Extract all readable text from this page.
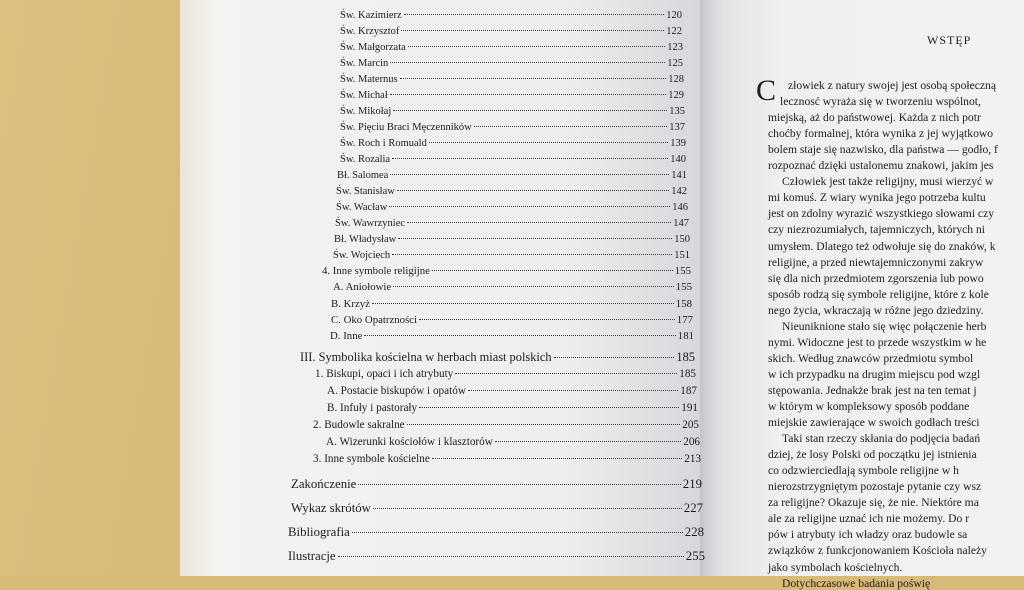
Św. Kazimierz	120
Św. Krzysztof	122
Św. Małgorzata	123
Św. Marcin	125
Św. Maternus	128
Św. Michał	129
Św. Mikołaj	135
Św. Pięciu Braci Męczenników	137
Św. Roch i Romuald	139
Św. Rozalia	140
Bł. Salomea	141
Św. Stanisław	142
Św. Wacław	146
Św. Wawrzyniec	147
Bł. Władysław	150
Św. Wojciech	151
4. Inne symbole religijne	155
A. Aniołowie	155
B. Krzyż	158
C. Oko Opatrzności	177
D. Inne	181
III. Symbolika kościelna w herbach miast polskich	185
1. Biskupi, opaci i ich atrybuty	185
A. Postacie biskupów i opatów	187
B. Infuły i pastorały	191
2. Budowle sakralne	205
A. Wizerunki kościołów i klasztorów	206
3. Inne symbole kościelne	213
Zakończenie	219
Wykaz skrótów	227
Bibliografia	228
Ilustracje	255
WSTĘP
C złowiek z natury swojej jest osobą społeczną
lecznosć wyraża się w tworzeniu wspólnot,
miejską, aż do państwowej. Każda z nich potr
choćby formalnej, która wynika z jej wyjątkowo
bolem staje się nazwisko, dla państwa — godło, f
rozpoznać dzięki ustalonemu znakowi, jakim jes
Człowiek jest także religijny, musi wierzyć w
mi komuś. Z wiary wynika jego potrzeba kultu
jest on zdolny wyrazić wszystkiego słowami czy
czy niezrozumiałych, tajemniczych, których ni
umysłem. Dlatego też odwołuje się do znaków, k
religijne, a przed niewtajemniczonymi zakryw
się dla nich przedmiotem zgorszenia lub powo
sposób rodzą się symbole religijne, które z kole
nego życia, wkraczają w różne jego dziedziny.
Nieuniknione stało się więc połączenie herb
nymi. Widoczne jest to przede wszystkim w he
skich. Według znawców przedmiotu symbol
w ich przypadku na drugim miejscu pod wzgl
stępowania. Jednakże brak jest na ten temat j
w którym w kompleksowy sposób poddane
miejskie zawierające w swoich godłach treści
Taki stan rzeczy skłania do podjęcia badań
dziej, że losy Polski od początku jej istnienia
co odzwierciedlają symbole religijne w h
nierozstrzygniętym pozostaje pytanie czy wsz
za religijne? Okazuje się, że nie. Niektóre ma
ale za religijne uznać ich nie możemy. Do r
pów i atrybuty ich władzy oraz budowle sa
związków z funkcjonowaniem Kościoła należy
jako symbolach kościelnych.
Dotychczasowe badania poświę
